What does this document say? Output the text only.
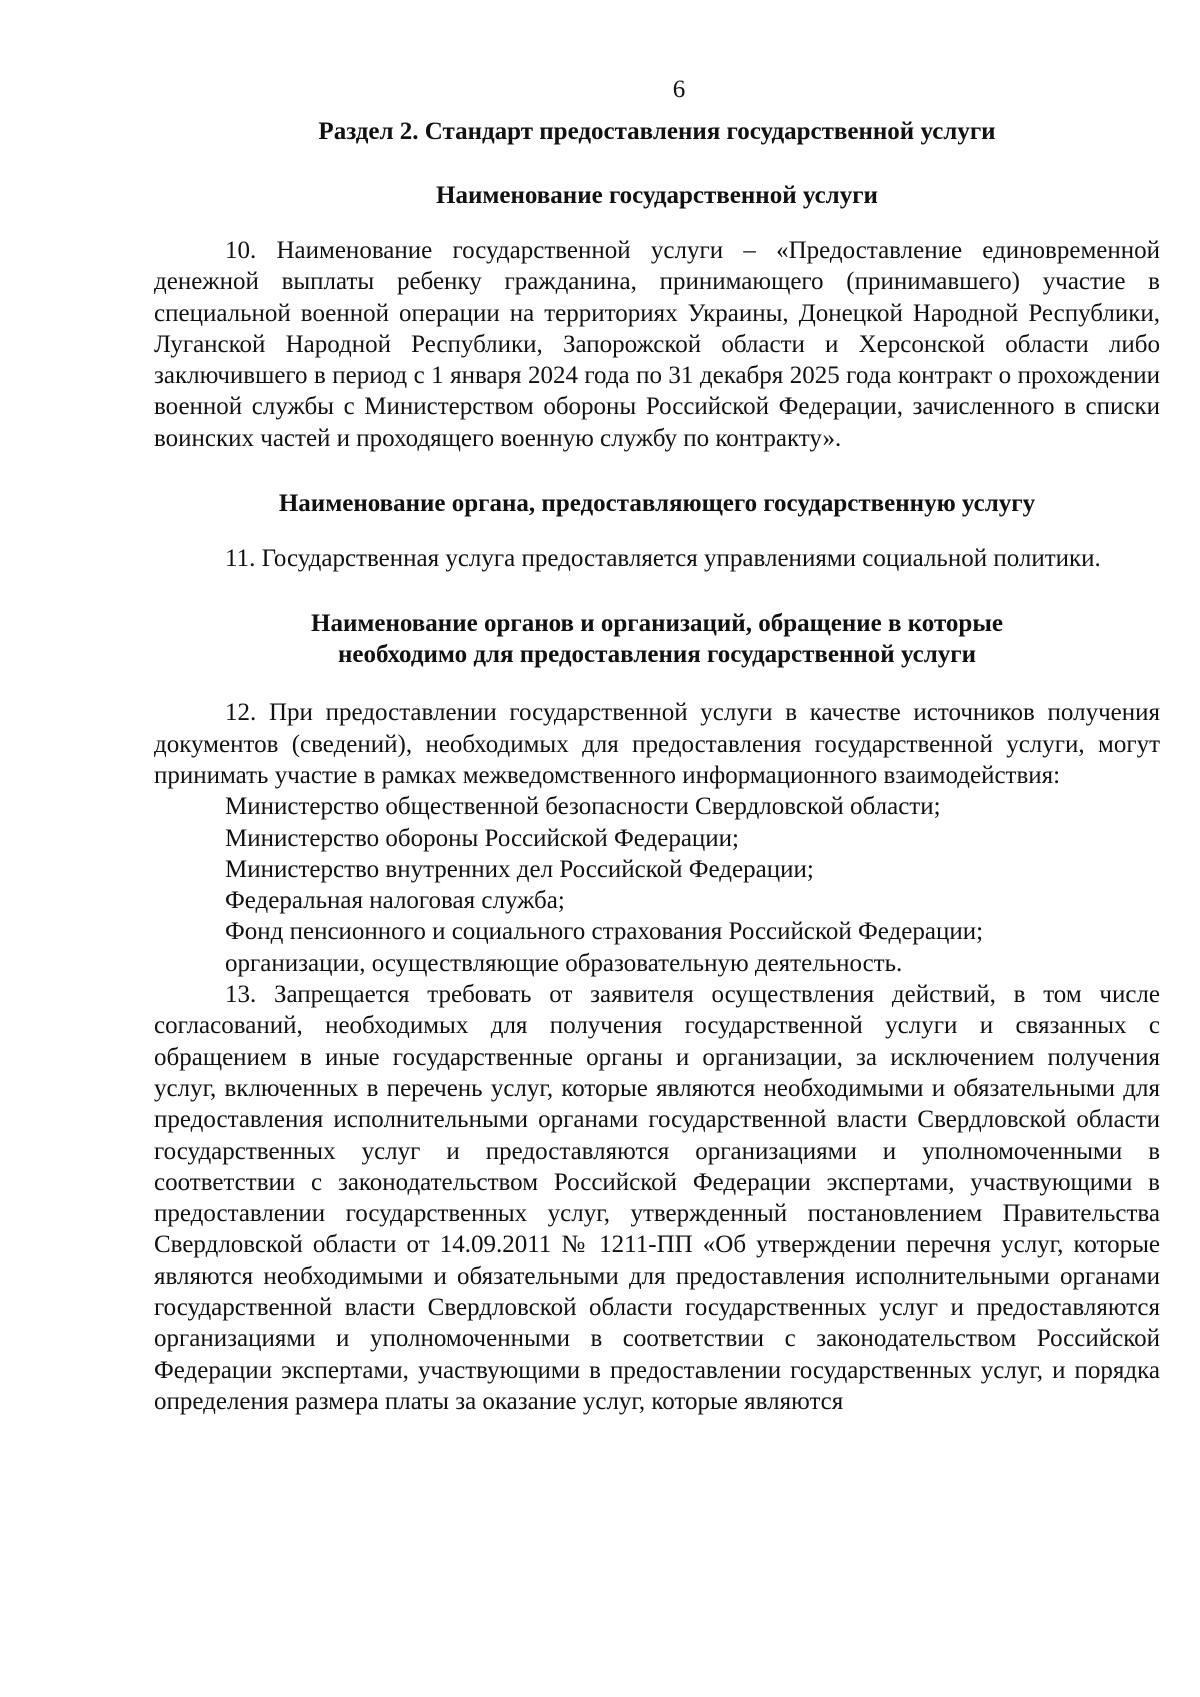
6
Раздел 2. Стандарт предоставления государственной услуги
Наименование государственной услуги

10. Наименование государственной услуги – «Предоставление единовременной денежной выплаты ребенку гражданина, принимающего (принимавшего) участие в специальной военной операции на территориях Украины, Донецкой Народной Республики, Луганской Народной Республики, Запорожской области и Херсонской области либо заключившего в период с 1 января 2024 года по 31 декабря 2025 года контракт о прохождении военной службы с Министерством обороны Российской Федерации, зачисленного в списки воинских частей и проходящего военную службу по контракту».

Наименование органа, предоставляющего государственную услугу

11. Государственная услуга предоставляется управлениями социальной политики.

Наименование органов и организаций, обращение в которые
необходимо для предоставления государственной услуги

12. При предоставлении государственной услуги в качестве источников получения документов (сведений), необходимых для предоставления государственной услуги, могут принимать участие в рамках межведомственного информационного взаимодействия:

Министерство общественной безопасности Свердловской области;

Министерство обороны Российской Федерации;

Министерство внутренних дел Российской Федерации;

Федеральная налоговая служба;

Фонд пенсионного и социального страхования Российской Федерации;

организации, осуществляющие образовательную деятельность.

13. Запрещается требовать от заявителя осуществления действий, в том числе согласований, необходимых для получения государственной услуги и связанных с обращением в иные государственные органы и организации, за исключением получения услуг, включенных в перечень услуг, которые являются необходимыми и обязательными для предоставления исполнительными органами государственной власти Свердловской области государственных услуг и предоставляются организациями и уполномоченными в соответствии с законодательством Российской Федерации экспертами, участвующими в предоставлении государственных услуг, утвержденный постановлением Правительства Свердловской области от 14.09.2011 № 1211-ПП «Об утверждении перечня услуг, которые являются необходимыми и обязательными для предоставления исполнительными органами государственной власти Свердловской области государственных услуг и предоставляются организациями и уполномоченными в соответствии с законодательством Российской Федерации экспертами, участвующими в предоставлении государственных услуг, и порядка определения размера платы за оказание услуг, которые являются
